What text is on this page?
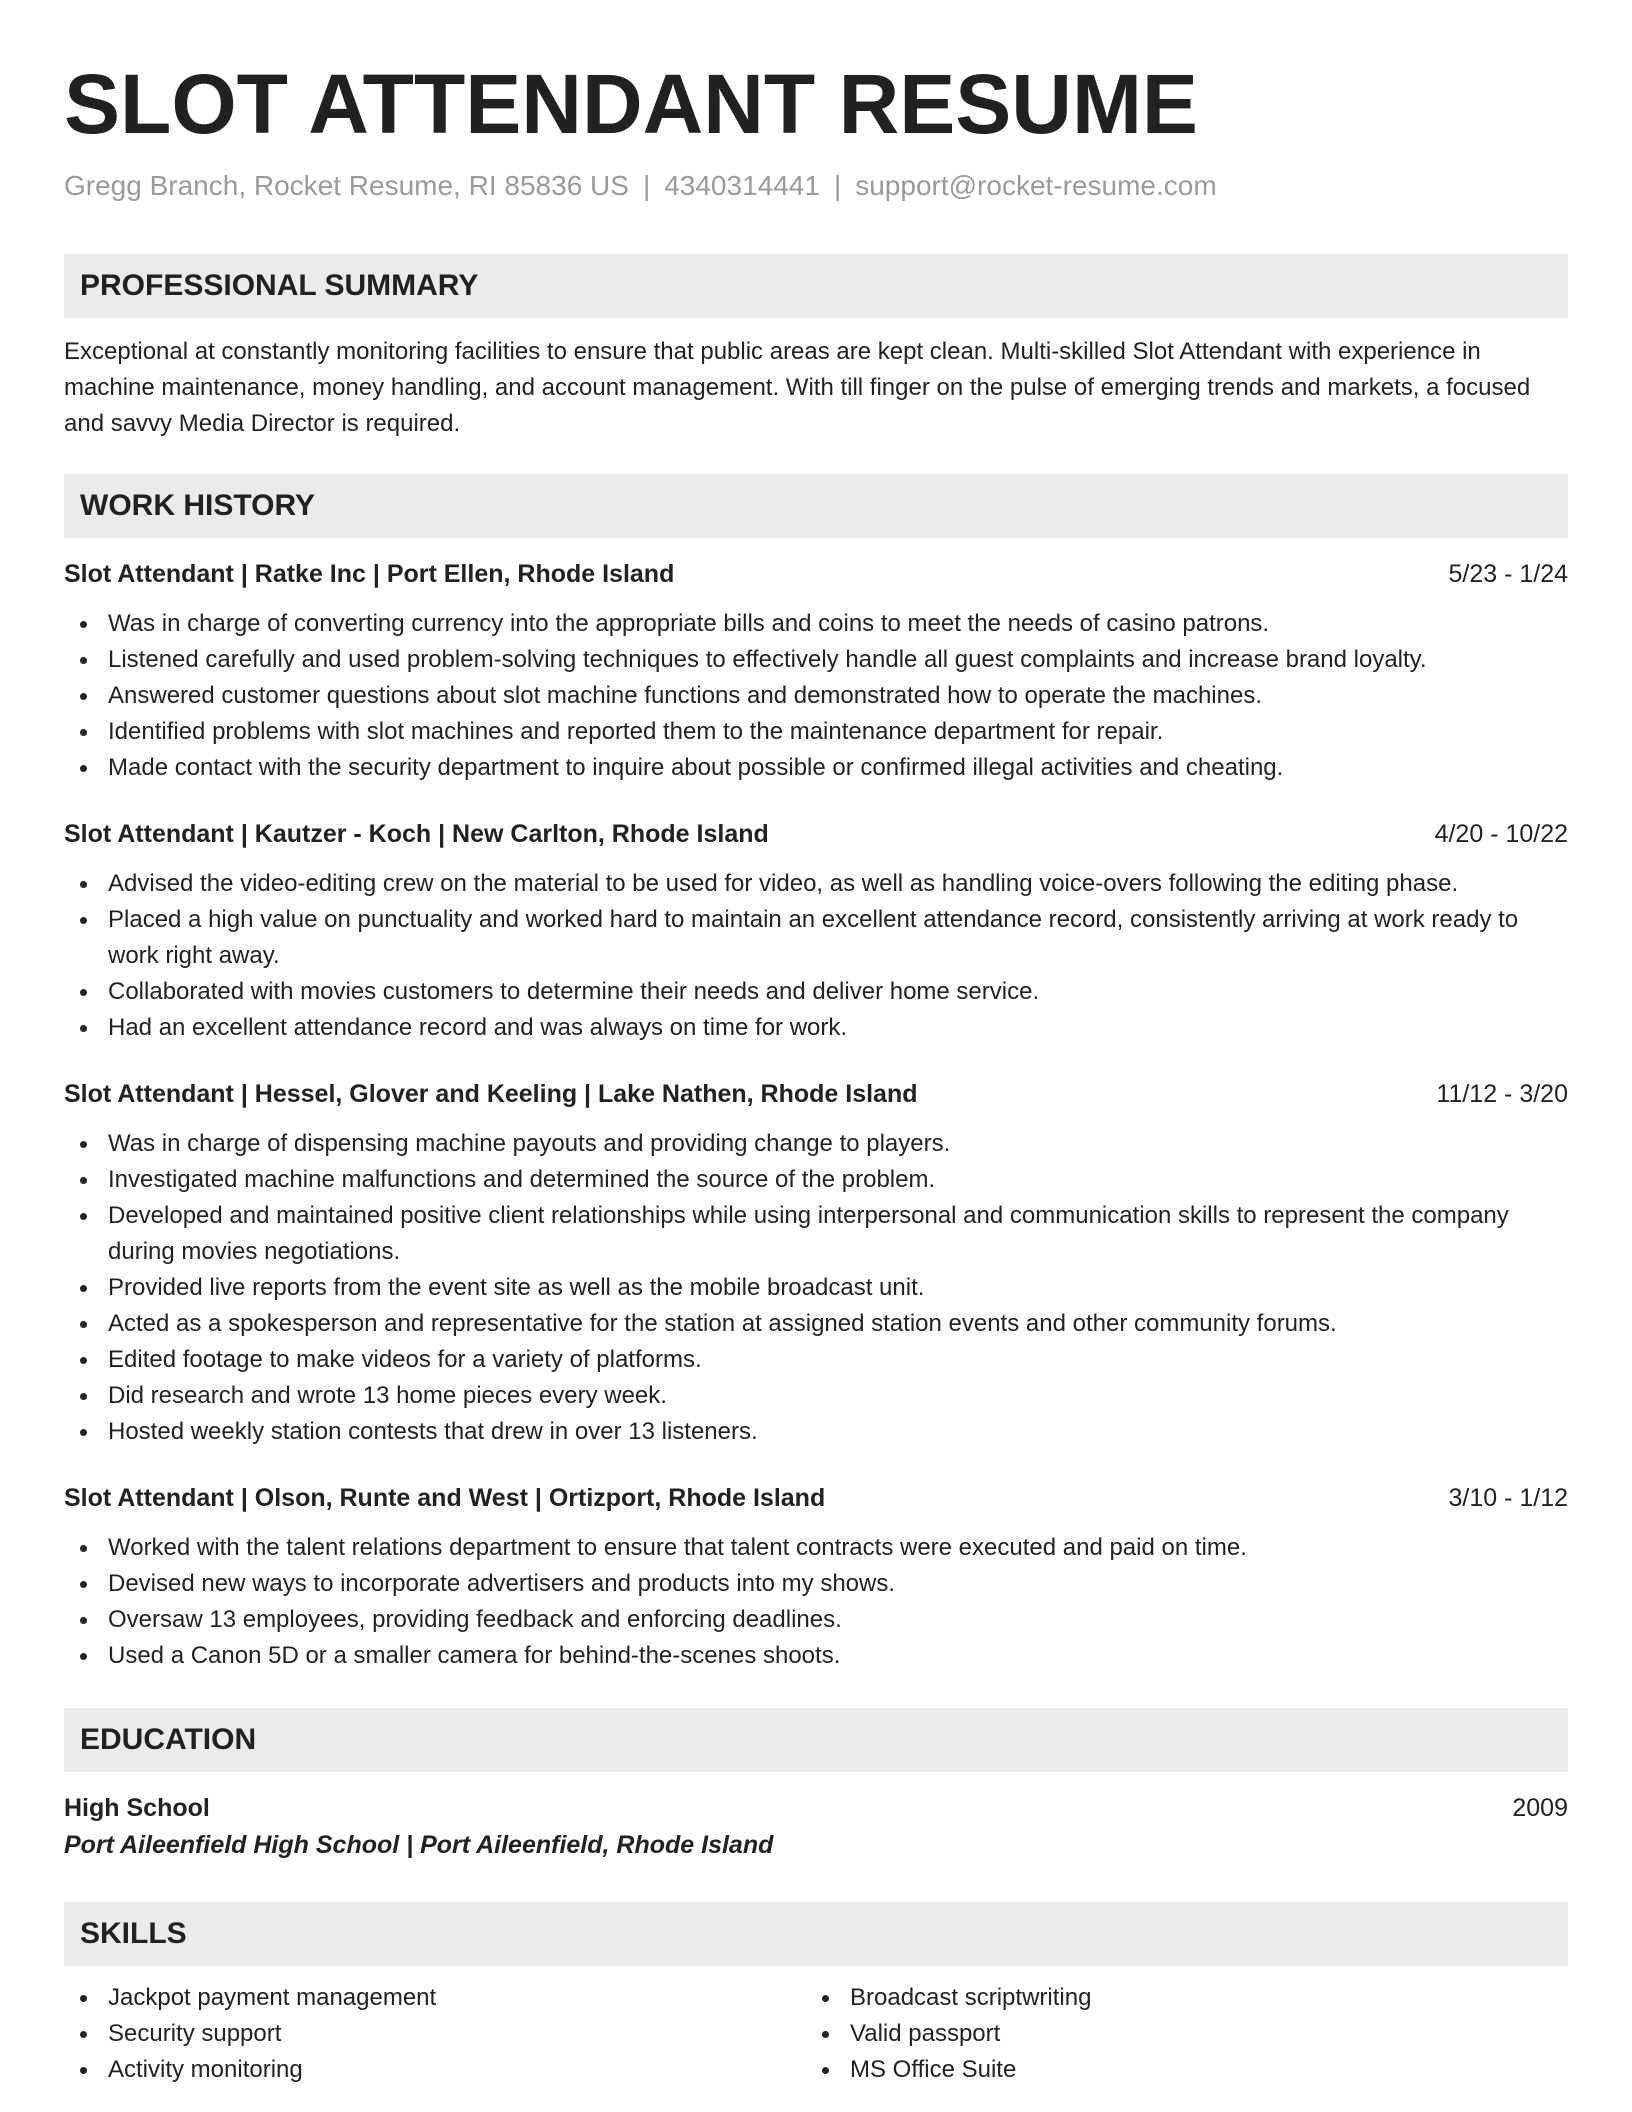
SLOT ATTENDANT RESUME
Gregg Branch, Rocket Resume, RI 85836 US | 4340314441 | support@rocket-resume.com
PROFESSIONAL SUMMARY
Exceptional at constantly monitoring facilities to ensure that public areas are kept clean. Multi-skilled Slot Attendant with experience in machine maintenance, money handling, and account management. With till finger on the pulse of emerging trends and markets, a focused and savvy Media Director is required.
WORK HISTORY
Slot Attendant | Ratke Inc | Port Ellen, Rhode Island	5/23 - 1/24
Was in charge of converting currency into the appropriate bills and coins to meet the needs of casino patrons.
Listened carefully and used problem-solving techniques to effectively handle all guest complaints and increase brand loyalty.
Answered customer questions about slot machine functions and demonstrated how to operate the machines.
Identified problems with slot machines and reported them to the maintenance department for repair.
Made contact with the security department to inquire about possible or confirmed illegal activities and cheating.
Slot Attendant | Kautzer - Koch | New Carlton, Rhode Island	4/20 - 10/22
Advised the video-editing crew on the material to be used for video, as well as handling voice-overs following the editing phase.
Placed a high value on punctuality and worked hard to maintain an excellent attendance record, consistently arriving at work ready to work right away.
Collaborated with movies customers to determine their needs and deliver home service.
Had an excellent attendance record and was always on time for work.
Slot Attendant | Hessel, Glover and Keeling | Lake Nathen, Rhode Island	11/12 - 3/20
Was in charge of dispensing machine payouts and providing change to players.
Investigated machine malfunctions and determined the source of the problem.
Developed and maintained positive client relationships while using interpersonal and communication skills to represent the company during movies negotiations.
Provided live reports from the event site as well as the mobile broadcast unit.
Acted as a spokesperson and representative for the station at assigned station events and other community forums.
Edited footage to make videos for a variety of platforms.
Did research and wrote 13 home pieces every week.
Hosted weekly station contests that drew in over 13 listeners.
Slot Attendant | Olson, Runte and West | Ortizport, Rhode Island	3/10 - 1/12
Worked with the talent relations department to ensure that talent contracts were executed and paid on time.
Devised new ways to incorporate advertisers and products into my shows.
Oversaw 13 employees, providing feedback and enforcing deadlines.
Used a Canon 5D or a smaller camera for behind-the-scenes shoots.
EDUCATION
High School	2009
Port Aileenfield High School | Port Aileenfield, Rhode Island
SKILLS
Jackpot payment management
Security support
Activity monitoring
Broadcast scriptwriting
Valid passport
MS Office Suite
